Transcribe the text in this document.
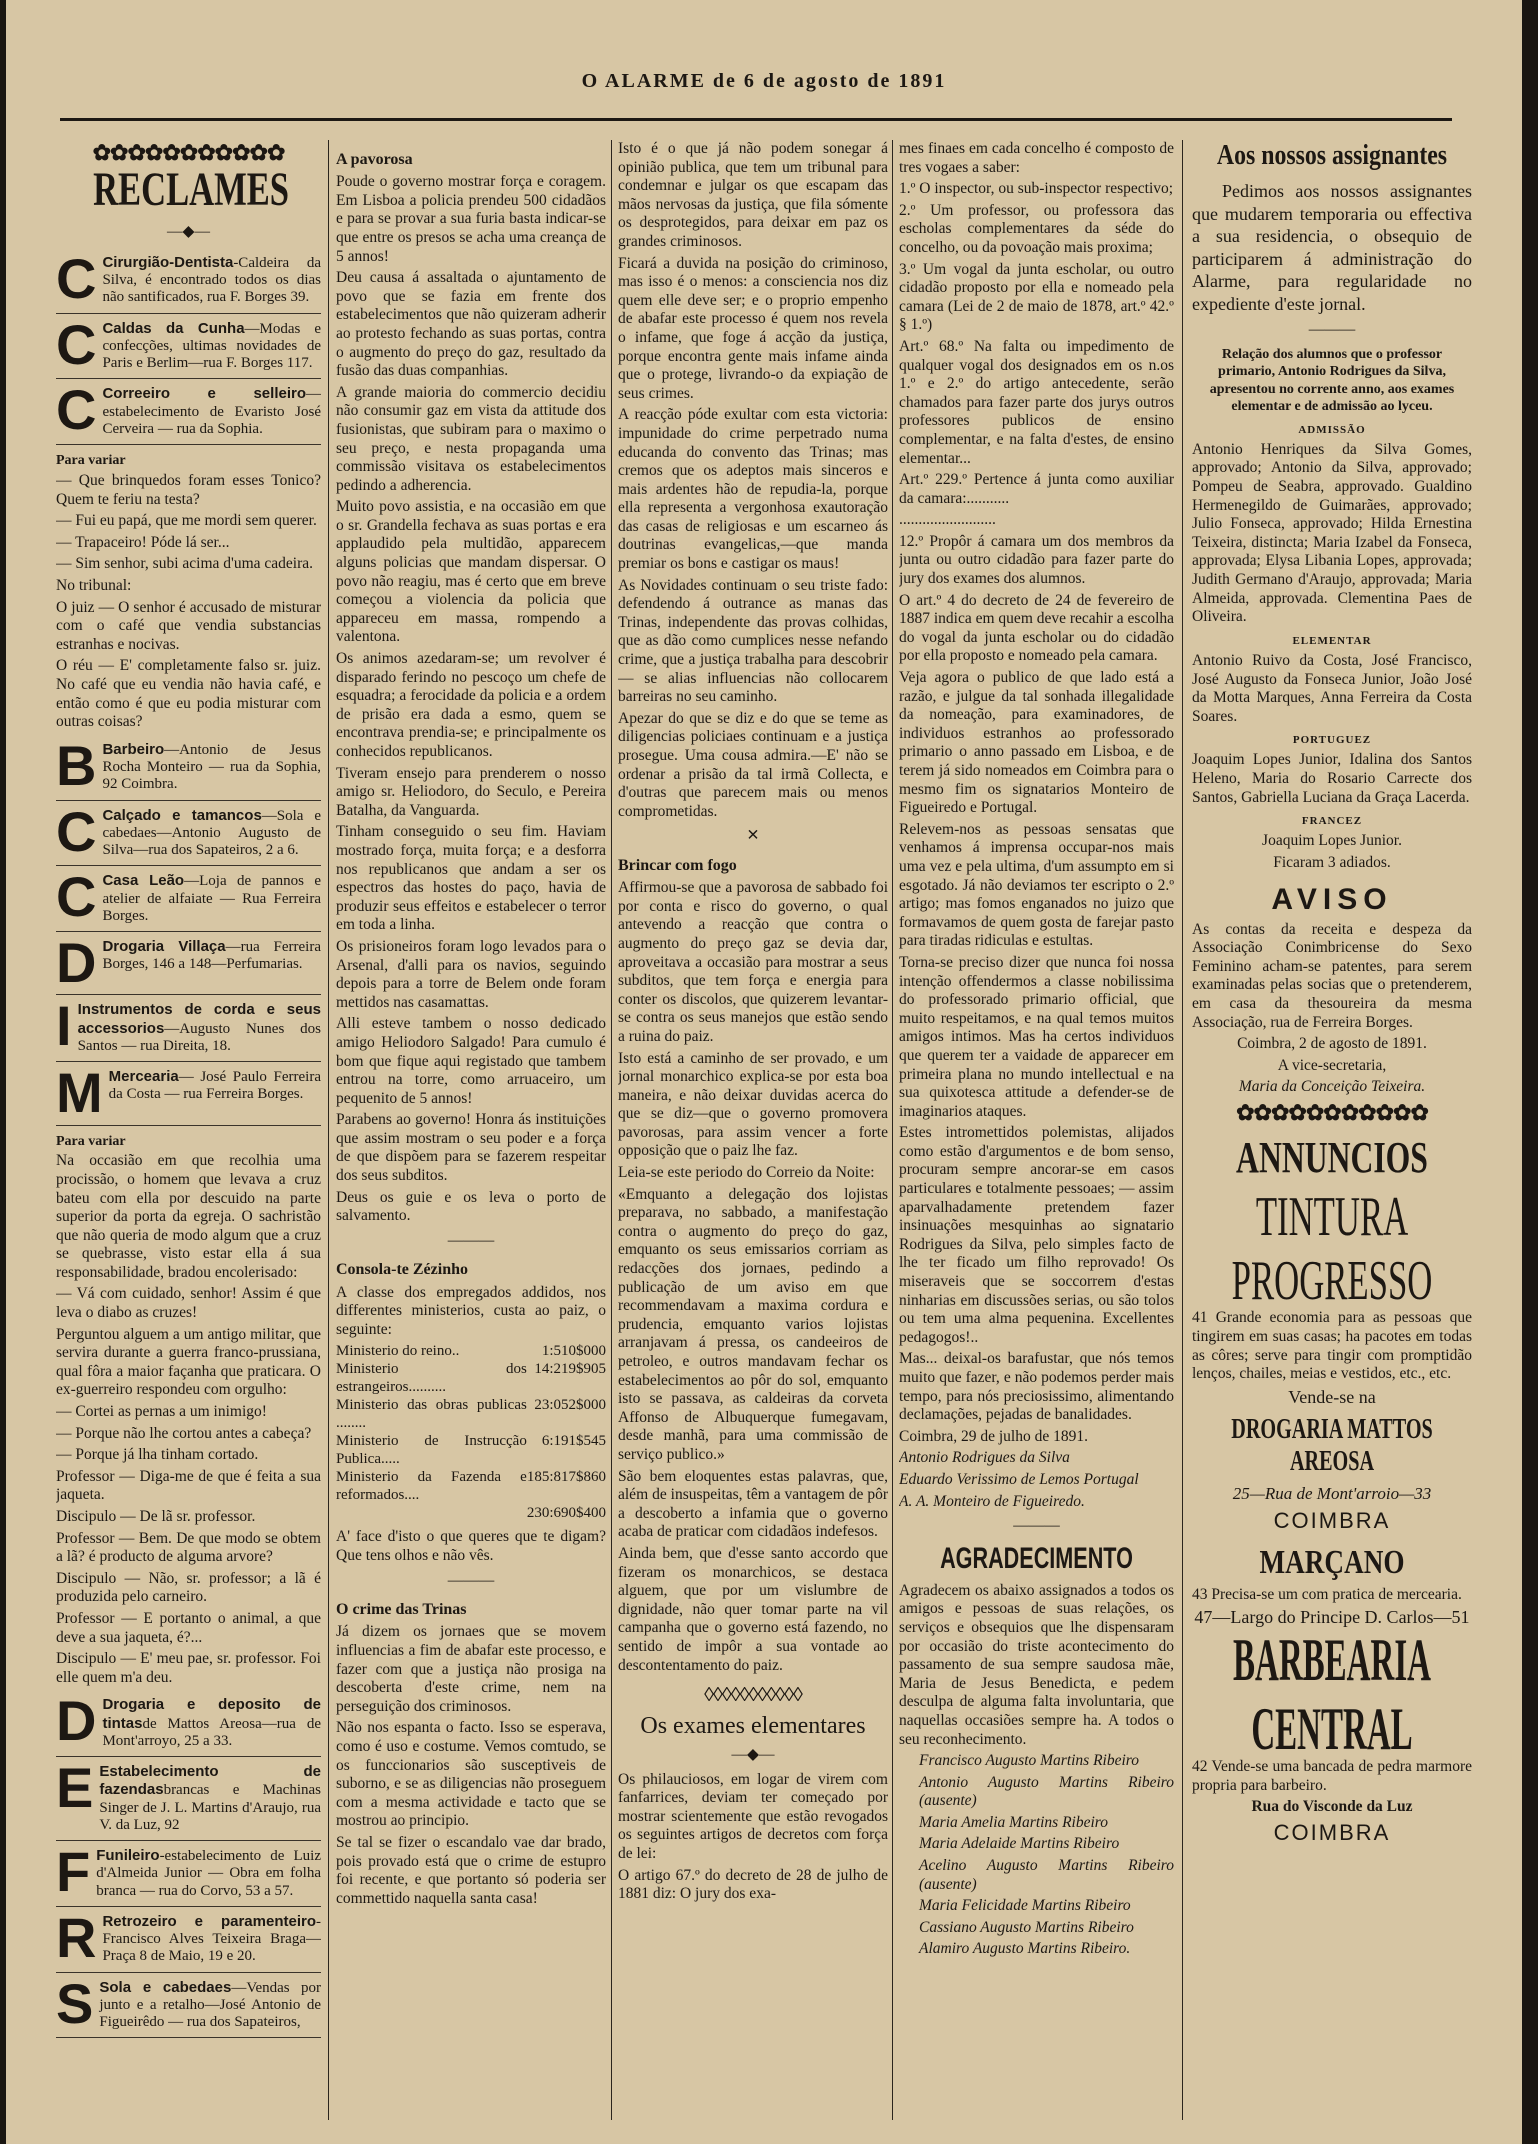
O ALARME de 6 de agosto de 1891
✿✿✿✿✿✿✿✿✿✿✿
RECLAMES
—◆—
C Cirurgião-Dentista-Caldeira da Silva, é encontrado todos os dias não santificados, rua F. Borges 39.
C Caldas da Cunha—Modas e confecções, ultimas novidades de Paris e Berlim—rua F. Borges 117.
C Correeiro e selleiro— estabelecimento de Evaristo José Cerveira — rua da Sophia.
Para variar

— Que brinquedos foram esses Tonico? Quem te feriu na testa?

— Fui eu papá, que me mordi sem querer.

— Trapaceiro! Póde lá ser...

— Sim senhor, subi acima d'uma cadeira.

No tribunal:

O juiz — O senhor é accusado de misturar com o café que vendia substancias estranhas e nocivas.

O réu — E' completamente falso sr. juiz. No café que eu vendia não havia café, e então como é que eu podia misturar com outras coisas?

B Barbeiro—Antonio de Jesus Rocha Monteiro — rua da Sophia, 92 Coimbra.
C Calçado e tamancos—Sola e cabedaes—Antonio Augusto de Silva—rua dos Sapateiros, 2 a 6.
C Casa Leão—Loja de pannos e atelier de alfaiate — Rua Ferreira Borges.
D Drogaria Villaça—rua Ferreira Borges, 146 a 148—Perfumarias.
I Instrumentos de corda e seus accessorios—Augusto Nunes dos Santos — rua Direita, 18.
M Mercearia— José Paulo Ferreira da Costa — rua Ferreira Borges.
Para variar

Na occasião em que recolhia uma procissão, o homem que levava a cruz bateu com ella por descuido na parte superior da porta da egreja. O sachristão que não queria de modo algum que a cruz se quebrasse, visto estar ella á sua responsabilidade, bradou encolerisado:

— Vá com cuidado, senhor! Assim é que leva o diabo as cruzes!

Perguntou alguem a um antigo militar, que servira durante a guerra franco-prussiana, qual fôra a maior façanha que praticara. O ex-guerreiro respondeu com orgulho:

— Cortei as pernas a um inimigo!

— Porque não lhe cortou antes a cabeça?

— Porque já lha tinham cortado.

Professor — Diga-me de que é feita a sua jaqueta.

Discipulo — De lã sr. professor.

Professor — Bem. De que modo se obtem a lã? é producto de alguma arvore?

Discipulo — Não, sr. professor; a lã é produzida pelo carneiro.

Professor — E portanto o animal, a que deve a sua jaqueta, é?...

Discipulo — E' meu pae, sr. professor. Foi elle quem m'a deu.

D Drogaria e deposito de tintasde Mattos Areosa—rua de Mont'arroyo, 25 a 33.
E Estabelecimento de fazendasbrancas e Machinas Singer de J. L. Martins d'Araujo, rua V. da Luz, 92
F Funileiro-estabelecimento de Luiz d'Almeida Junior — Obra em folha branca — rua do Corvo, 53 a 57.
R Retrozeiro e paramenteiro-Francisco Alves Teixeira Braga—Praça 8 de Maio, 19 e 20.
S Sola e cabedaes—Vendas por junto e a retalho—José Antonio de Figueirêdo — rua dos Sapateiros,
A pavorosa

Poude o governo mostrar força e coragem. Em Lisboa a policia prendeu 500 cidadãos e para se provar a sua furia basta indicar-se que entre os presos se acha uma creança de 5 annos!

Deu causa á assaltada o ajuntamento de povo que se fazia em frente dos estabelecimentos que não quizeram adherir ao protesto fechando as suas portas, contra o augmento do preço do gaz, resultado da fusão das duas companhias.

A grande maioria do commercio decidiu não consumir gaz em vista da attitude dos fusionistas, que subiram para o maximo o seu preço, e nesta propaganda uma commissão visitava os estabelecimentos pedindo a adherencia.

Muito povo assistia, e na occasião em que o sr. Grandella fechava as suas portas e era applaudido pela multidão, apparecem alguns policias que mandam dispersar. O povo não reagiu, mas é certo que em breve começou a violencia da policia que appareceu em massa, rompendo a valentona.

Os animos azedaram-se; um revolver é disparado ferindo no pescoço um chefe de esquadra; a ferocidade da policia e a ordem de prisão era dada a esmo, quem se encontrava prendia-se; e principalmente os conhecidos republicanos.

Tiveram ensejo para prenderem o nosso amigo sr. Heliodoro, do Seculo, e Pereira Batalha, da Vanguarda.

Tinham conseguido o seu fim. Haviam mostrado força, muita força; e a desforra nos republicanos que andam a ser os espectros das hostes do paço, havia de produzir seus effeitos e estabelecer o terror em toda a linha.

Os prisioneiros foram logo levados para o Arsenal, d'alli para os navios, seguindo depois para a torre de Belem onde foram mettidos nas casamattas.

Alli esteve tambem o nosso dedicado amigo Heliodoro Salgado! Para cumulo é bom que fique aqui registado que tambem entrou na torre, como arruaceiro, um pequenito de 5 annos!

Parabens ao governo! Honra ás instituições que assim mostram o seu poder e a força de que dispõem para se fazerem respeitar dos seus subditos.

Deus os guie e os leva o porto de salvamento.

———
Consola-te Zézinho

A classe dos empregados addidos, nos differentes ministerios, custa ao paiz, o seguinte:

Ministerio do reino..	1:510$000
Ministerio dos estrangeiros..........
14:219$905
Ministerio das obras publicas ........
23:052$000
Ministerio de Instrucção Publica.....
6:191$545
Ministerio da Fazenda e reformados....
185:817$860
230:690$400

A' face d'isto o que queres que te digam? Que tens olhos e não vês.

———
O crime das Trinas

Já dizem os jornaes que se movem influencias a fim de abafar este processo, e fazer com que a justiça não prosiga na descoberta d'este crime, nem na perseguição dos criminosos.

Não nos espanta o facto. Isso se esperava, como é uso e costume. Vemos comtudo, se os funccionarios são susceptiveis de suborno, e se as diligencias não proseguem com a mesma actividade e tacto que se mostrou ao principio.

Se tal se fizer o escandalo vae dar brado, pois provado está que o crime de estupro foi recente, e que portanto só poderia ser commettido naquella santa casa!

Isto é o que já não podem sonegar á opinião publica, que tem um tribunal para condemnar e julgar os que escapam das mãos nervosas da justiça, que fila sómente os desprotegidos, para deixar em paz os grandes criminosos.

Ficará a duvida na posição do criminoso, mas isso é o menos: a consciencia nos diz quem elle deve ser; e o proprio empenho de abafar este processo é quem nos revela o infame, que foge á acção da justiça, porque encontra gente mais infame ainda que o protege, livrando-o da expiação de seus crimes.

A reacção póde exultar com esta victoria: impunidade do crime perpetrado numa educanda do convento das Trinas; mas cremos que os adeptos mais sinceros e mais ardentes hão de repudia-la, porque ella representa a vergonhosa exautoração das casas de religiosas e um escarneo ás doutrinas evangelicas,—que manda premiar os bons e castigar os maus!

As Novidades continuam o seu triste fado: defendendo á outrance as manas das Trinas, independente das provas colhidas, que as dão como cumplices nesse nefando crime, que a justiça trabalha para descobrir— se alias influencias não collocarem barreiras no seu caminho.

Apezar do que se diz e do que se teme as diligencias policiaes continuam e a justiça prosegue. Uma cousa admira.—E' não se ordenar a prisão da tal irmã Collecta, e d'outras que parecem mais ou menos comprometidas.

✕
Brincar com fogo

Affirmou-se que a pavorosa de sabbado foi por conta e risco do governo, o qual antevendo a reacção que contra o augmento do preço gaz se devia dar, aproveitava a occasião para mostrar a seus subditos, que tem força e energia para conter os discolos, que quizerem levantar-se contra os seus manejos que estão sendo a ruina do paiz.

Isto está a caminho de ser provado, e um jornal monarchico explica-se por esta boa maneira, e não deixar duvidas acerca do que se diz—que o governo promovera pavorosas, para assim vencer a forte opposição que o paiz lhe faz.

Leia-se este periodo do Correio da Noite:

«Emquanto a delegação dos lojistas preparava, no sabbado, a manifestação contra o augmento do preço do gaz, emquanto os seus emissarios corriam as redacções dos jornaes, pedindo a publicação de um aviso em que recommendavam a maxima cordura e prudencia, emquanto varios lojistas arranjavam á pressa, os candeeiros de petroleo, e outros mandavam fechar os estabelecimentos ao pôr do sol, emquanto isto se passava, as caldeiras da corveta Affonso de Albuquerque fumegavam, desde manhã, para uma commissão de serviço publico.»

São bem eloquentes estas palavras, que, além de insuspeitas, têm a vantagem de pôr a descoberto a infamia que o governo acaba de praticar com cidadãos indefesos.

Ainda bem, que d'esse santo accordo que fizeram os monarchicos, se destaca alguem, que por um vislumbre de dignidade, não quer tomar parte na vil campanha que o governo está fazendo, no sentido de impôr a sua vontade ao descontentamento do paiz.

◊◊◊◊◊◊◊◊◊◊◊
Os exames elementares
—◆—

Os philauciosos, em logar de virem com fanfarrices, deviam ter começado por mostrar scientemente que estão revogados os seguintes artigos de decretos com força de lei:

O artigo 67.º do decreto de 28 de julho de 1881 diz: O jury dos exa-

mes finaes em cada concelho é composto de tres vogaes a saber:

1.º O inspector, ou sub-inspector respectivo;

2.º Um professor, ou professora das escholas complementares da séde do concelho, ou da povoação mais proxima;

3.º Um vogal da junta escholar, ou outro cidadão proposto por ella e nomeado pela camara (Lei de 2 de maio de 1878, art.º 42.º § 1.º)

Art.º 68.º Na falta ou impedimento de qualquer vogal dos designados em os n.os 1.º e 2.º do artigo antecedente, serão chamados para fazer parte dos jurys outros professores publicos de ensino complementar, e na falta d'estes, de ensino elementar...

Art.º 229.º Pertence á junta como auxiliar da camara:...........

.........................

12.º Propôr á camara um dos membros da junta ou outro cidadão para fazer parte do jury dos exames dos alumnos.

O art.º 4 do decreto de 24 de fevereiro de 1887 indica em quem deve recahir a escolha do vogal da junta escholar ou do cidadão por ella proposto e nomeado pela camara.

Veja agora o publico de que lado está a razão, e julgue da tal sonhada illegalidade da nomeação, para examinadores, de individuos estranhos ao professorado primario o anno passado em Lisboa, e de terem já sido nomeados em Coimbra para o mesmo fim os signatarios Monteiro de Figueiredo e Portugal.

Relevem-nos as pessoas sensatas que venhamos á imprensa occupar-nos mais uma vez e pela ultima, d'um assumpto em si esgotado. Já não deviamos ter escripto o 2.º artigo; mas fomos enganados no juizo que formavamos de quem gosta de farejar pasto para tiradas ridiculas e estultas.

Torna-se preciso dizer que nunca foi nossa intenção offendermos a classe nobilissima do professorado primario official, que muito respeitamos, e na qual temos muitos amigos intimos. Mas ha certos individuos que querem ter a vaidade de apparecer em primeira plana no mundo intellectual e na sua quixotesca attitude a defender-se de imaginarios ataques.

Estes intromettidos polemistas, alijados como estão d'argumentos e de bom senso, procuram sempre ancorar-se em casos particulares e totalmente pessoaes; — assim aparvalhadamente pretendem fazer insinuações mesquinhas ao signatario Rodrigues da Silva, pelo simples facto de lhe ter ficado um filho reprovado! Os miseraveis que se soccorrem d'estas ninharias em discussões serias, ou são tolos ou tem uma alma pequenina. Excellentes pedagogos!..

Mas... deixal-os barafustar, que nós temos muito que fazer, e não podemos perder mais tempo, para nós preciosissimo, alimentando declamações, pejadas de banalidades.

Coimbra, 29 de julho de 1891.

Antonio Rodrigues da Silva

Eduardo Verissimo de Lemos Portugal

A. A. Monteiro de Figueiredo.

———
AGRADECIMENTO

Agradecem os abaixo assignados a todos os amigos e pessoas de suas relações, os serviços e obsequios que lhe dispensaram por occasião do triste acontecimento do passamento de sua sempre saudosa mãe, Maria de Jesus Benedicta, e pedem desculpa de alguma falta involuntaria, que naquellas occasiões sempre ha. A todos o seu reconhecimento.

Francisco Augusto Martins Ribeiro

Antonio Augusto Martins Ribeiro (ausente)

Maria Amelia Martins Ribeiro

Maria Adelaide Martins Ribeiro

Acelino Augusto Martins Ribeiro (ausente)

Maria Felicidade Martins Ribeiro

Cassiano Augusto Martins Ribeiro

Alamiro Augusto Martins Ribeiro.

Aos nossos assignantes

Pedimos aos nossos assignantes que mudarem temporaria ou effectiva a sua residencia, o obsequio de participarem á administração do Alarme, para regularidade no expediente d'este jornal.

———
Relação dos alumnos que o professor primario, Antonio Rodrigues da Silva, apresentou no corrente anno, aos exames elementar e de admissão ao lyceu.
ADMISSÃO

Antonio Henriques da Silva Gomes, approvado; Antonio da Silva, approvado; Pompeu de Seabra, approvado. Gualdino Hermenegildo de Guimarães, approvado; Julio Fonseca, approvado; Hilda Ernestina Teixeira, distincta; Maria Izabel da Fonseca, approvada; Elysa Libania Lopes, approvada; Judith Germano d'Araujo, approvada; Maria Almeida, approvada. Clementina Paes de Oliveira.

ELEMENTAR

Antonio Ruivo da Costa, José Francisco, José Augusto da Fonseca Junior, João José da Motta Marques, Anna Ferreira da Costa Soares.

PORTUGUEZ

Joaquim Lopes Junior, Idalina dos Santos Heleno, Maria do Rosario Carrecte dos Santos, Gabriella Luciana da Graça Lacerda.

FRANCEZ

Joaquim Lopes Junior.

Ficaram 3 adiados.

AVISO

As contas da receita e despeza da Associação Conimbricense do Sexo Feminino acham-se patentes, para serem examinadas pelas socias que o pretenderem, em casa da thesoureira da mesma Associação, rua de Ferreira Borges.

Coimbra, 2 de agosto de 1891.

A vice-secretaria,

Maria da Conceição Teixeira.

✿✿✿✿✿✿✿✿✿✿✿
ANNUNCIOS
TINTURA PROGRESSO

41 Grande economia para as pessoas que tingirem em suas casas; ha pacotes em todas as côres; serve para tingir com promptidão lenços, chailes, meias e vestidos, etc., etc.

Vende-se na

DROGARIA MATTOS AREOSA

25—Rua de Mont'arroio—33

COIMBRA
MARÇANO

43 Precisa-se um com pratica de mercearia.

47—Largo do Principe D. Carlos—51

BARBEARIA CENTRAL

42 Vende-se uma bancada de pedra marmore propria para barbeiro.

Rua do Visconde da Luz

COIMBRA
